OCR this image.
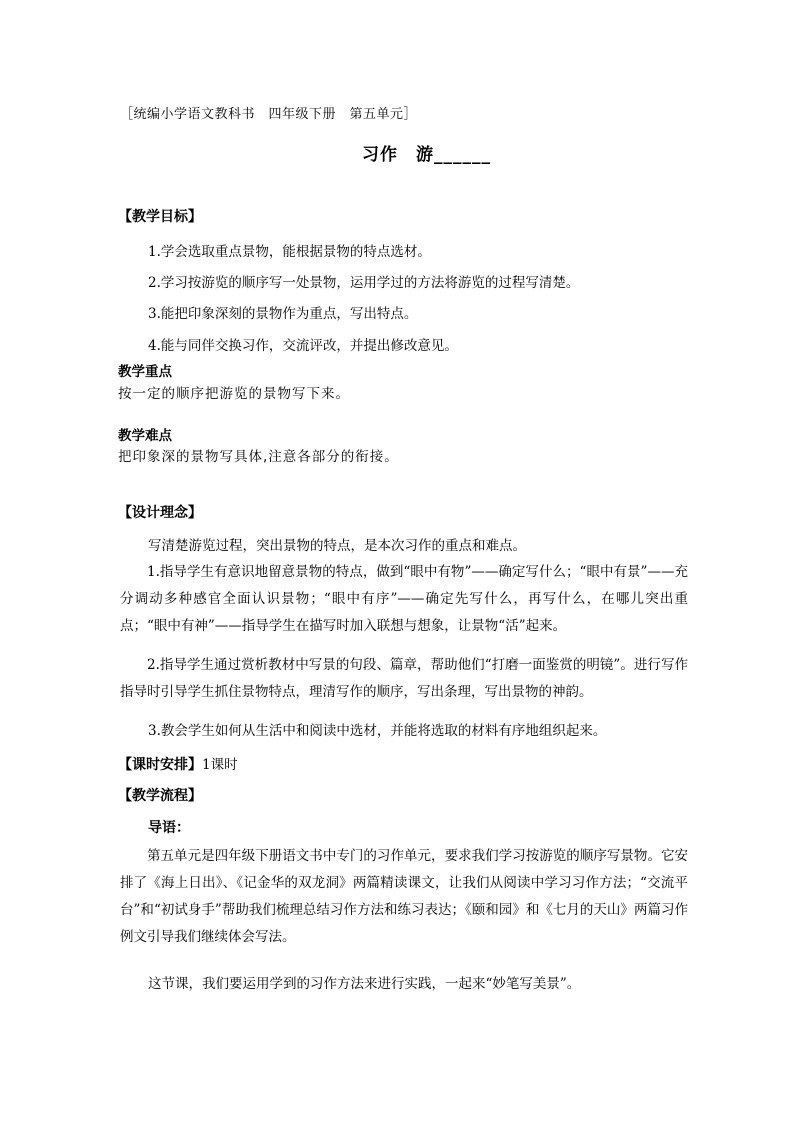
［统编小学语文教科书　四年级下册　第五单元］
习作　游______
【教学目标】
1.学会选取重点景物，能根据景物的特点选材。
2.学习按游览的顺序写一处景物，运用学过的方法将游览的过程写清楚。
3.能把印象深刻的景物作为重点，写出特点。
4.能与同伴交换习作，交流评改，并提出修改意见。
教学重点
按一定的顺序把游览的景物写下来。
教学难点
把印象深的景物写具体,注意各部分的衔接。
【设计理念】
写清楚游览过程，突出景物的特点，是本次习作的重点和难点。
1.指导学生有意识地留意景物的特点，做到“眼中有物”——确定写什么；“眼中有景”——充分调动多种感官全面认识景物；“眼中有序”——确定先写什么，再写什么，在哪儿突出重点；“眼中有神”——指导学生在描写时加入联想与想象，让景物“活”起来。
2.指导学生通过赏析教材中写景的句段、篇章，帮助他们“打磨一面鉴赏的明镜”。进行写作指导时引导学生抓住景物特点，理清写作的顺序，写出条理，写出景物的神韵。
3.教会学生如何从生活中和阅读中选材，并能将选取的材料有序地组织起来。
【课时安排】1课时
【教学流程】
导语：
第五单元是四年级下册语文书中专门的习作单元，要求我们学习按游览的顺序写景物。它安排了《海上日出》、《记金华的双龙洞》两篇精读课文，让我们从阅读中学习习作方法；“交流平台”和“初试身手”帮助我们梳理总结习作方法和练习表达；《颐和园》和《七月的天山》两篇习作例文引导我们继续体会写法。
这节课，我们要运用学到的习作方法来进行实践，一起来“妙笔写美景”。
